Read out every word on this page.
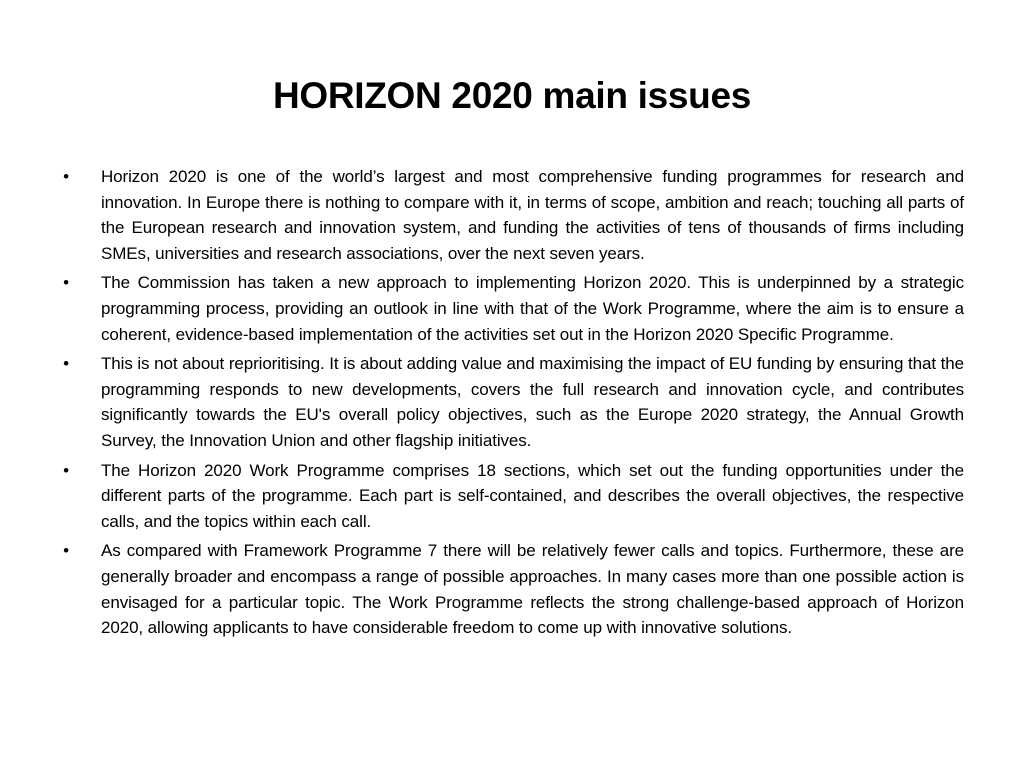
HORIZON 2020 main issues
• Horizon 2020 is one of the world’s largest and most comprehensive funding programmes for research and innovation. In Europe there is nothing to compare with it, in terms of scope, ambition and reach; touching all parts of the European research and innovation system, and funding the activities of tens of thousands of firms including SMEs, universities and research associations, over the next seven years.
• The Commission has taken a new approach to implementing Horizon 2020. This is underpinned by a strategic programming process, providing an outlook in line with that of the Work Programme, where the aim is to ensure a coherent, evidence-based implementation of the activities set out in the Horizon 2020 Specific Programme.
• This is not about reprioritising. It is about adding value and maximising the impact of EU funding by ensuring that the programming responds to new developments, covers the full research and innovation cycle, and contributes significantly towards the EU's overall policy objectives, such as the Europe 2020 strategy, the Annual Growth Survey, the Innovation Union and other flagship initiatives.
• The Horizon 2020 Work Programme comprises 18 sections, which set out the funding opportunities under the different parts of the programme. Each part is self-contained, and describes the overall objectives, the respective calls, and the topics within each call.
• As compared with Framework Programme 7 there will be relatively fewer calls and topics. Furthermore, these are generally broader and encompass a range of possible approaches. In many cases more than one possible action is envisaged for a particular topic. The Work Programme reflects the strong challenge-based approach of Horizon 2020, allowing applicants to have considerable freedom to come up with innovative solutions.
